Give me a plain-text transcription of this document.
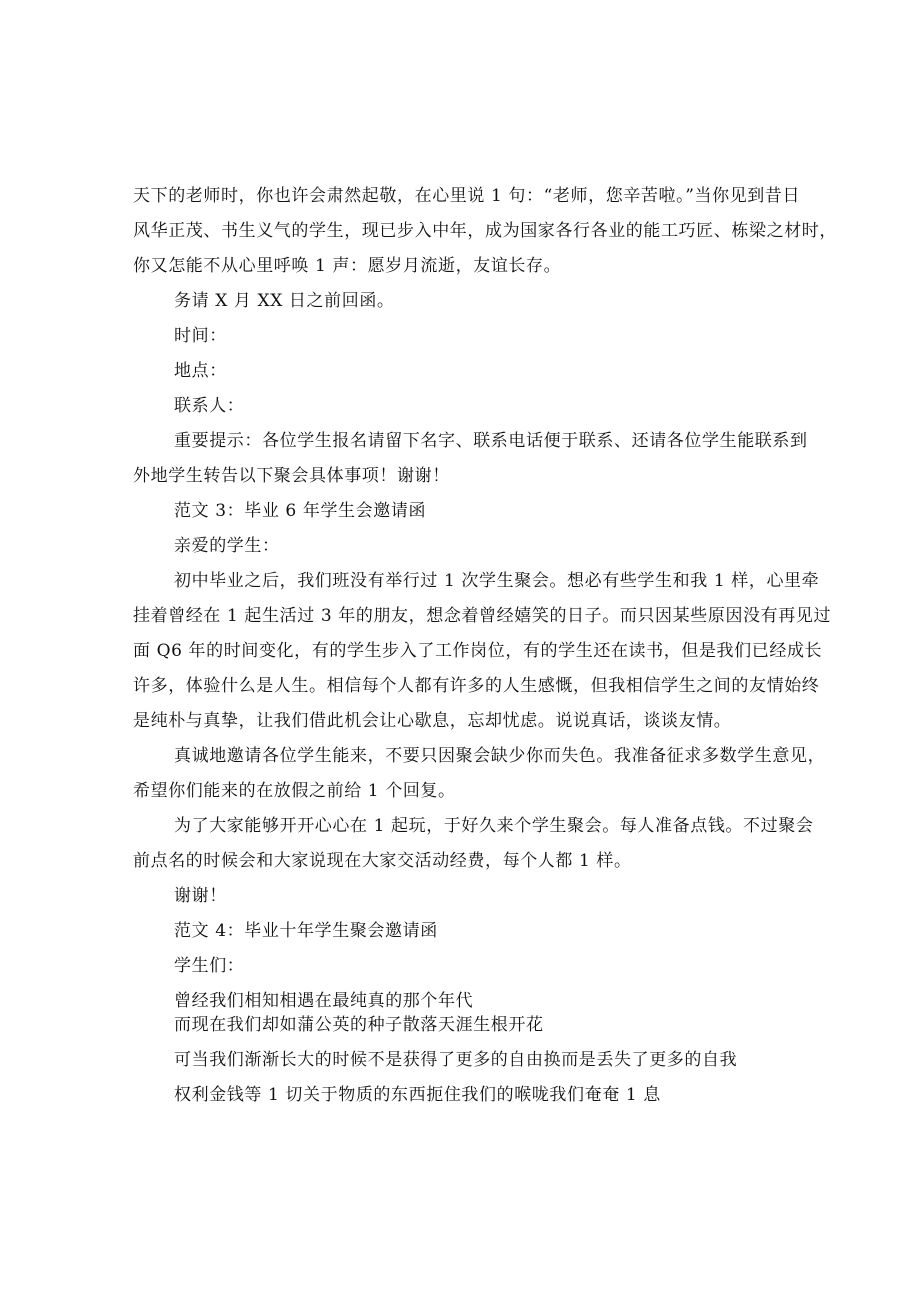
天下的老师时，你也许会肃然起敬，在心里说 1 句：“老师，您辛苦啦。”当你见到昔日
风华正茂、书生义气的学生，现已步入中年，成为国家各行各业的能工巧匠、栋梁之材时，
你又怎能不从心里呼唤 1 声：愿岁月流逝，友谊长存。
务请 X 月 XX 日之前回函。
时间：
地点：
联系人：
重要提示：各位学生报名请留下名字、联系电话便于联系、还请各位学生能联系到
外地学生转告以下聚会具体事项！谢谢！
范文 3：毕业 6 年学生会邀请函
亲爱的学生：
初中毕业之后，我们班没有举行过 1 次学生聚会。想必有些学生和我 1 样，心里牵
挂着曾经在 1 起生活过 3 年的朋友，想念着曾经嬉笑的日子。而只因某些原因没有再见过
面 Q6 年的时间变化，有的学生步入了工作岗位，有的学生还在读书，但是我们已经成长
许多，体验什么是人生。相信每个人都有许多的人生感慨，但我相信学生之间的友情始终
是纯朴与真挚，让我们借此机会让心歇息，忘却忧虑。说说真话，谈谈友情。
真诚地邀请各位学生能来，不要只因聚会缺少你而失色。我准备征求多数学生意见，
希望你们能来的在放假之前给 1 个回复。
为了大家能够开开心心在 1 起玩，于好久来个学生聚会。每人准备点钱。不过聚会
前点名的时候会和大家说现在大家交活动经费，每个人都 1 样。
谢谢！
范文 4：毕业十年学生聚会邀请函
学生们：
曾经我们相知相遇在最纯真的那个年代
而现在我们却如蒲公英的种子散落天涯生根开花
可当我们渐渐长大的时候不是获得了更多的自由换而是丢失了更多的自我
权利金钱等 1 切关于物质的东西扼住我们的喉咙我们奄奄 1 息
